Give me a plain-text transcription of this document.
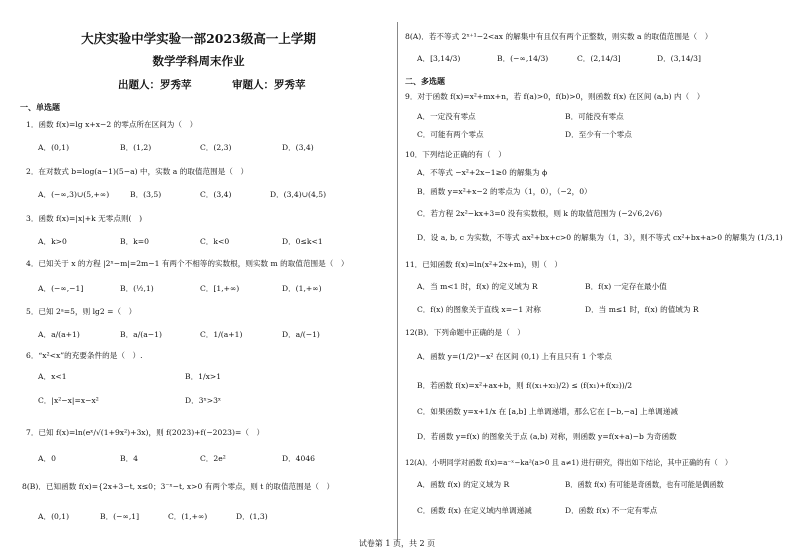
大庆实验中学实验一部2023级高一上学期
数学学科周末作业
出题人：罗秀苹	审题人：罗秀苹
一、单选题
1．函数 f(x)=lg x+x−2 的零点所在区间为（　）
A．(0,1)	B．(1,2)	C．(2,3)	D．(3,4)
2．在对数式 b=log(a−1)(5−a) 中，实数 a 的取值范围是（　）
A．(−∞,3)∪(5,+∞)	B．(3,5)	C．(3,4)	D．(3,4)∪(4,5)
3．函数 f(x)=|x|+k 无零点则(　)
A．k>0	B．k=0	C．k<0	D．0≤k<1
4．已知关于 x 的方程 |2ˣ−m|=2m−1 有两个不相等的实数根，则实数 m 的取值范围是（　）
A．(−∞,−1]	B．(½,1)	C．[1,+∞)	D．(1,+∞)
5．已知 2ᵃ=5，则 lg2 =（　）
A．a/(a+1)	B．a/(a−1)	C．1/(a+1)	D．a/(−1)
6．“x²<x”的充要条件的是（　）.
A．x<1	B．1/x>1
C．|x²−x|=x−x²	D．3ˣ>3ˣ
7．已知 f(x)=ln(eˣ/√(1+9x²)+3x)，则 f(2023)+f(−2023)=（　）
A．0	B．4	C．2e²	D．4046
8(B)．已知函数 f(x)={2x+3−t, x≤0；3⁻ˣ−t, x>0 有两个零点，则 t 的取值范围是（　）
A．(0,1)	B．(−∞,1]	C．(1,+∞)	D．(1,3)
8(A)．若不等式 2ˣ⁺¹−2<ax 的解集中有且仅有两个正整数，则实数 a 的取值范围是（　）
A．[3,14/3)	B．(−∞,14/3)	C．(2,14/3]	D．(3,14/3]
二、多选题
9．对于函数 f(x)=x²+mx+n，若 f(a)>0，f(b)>0，则函数 f(x) 在区间 (a,b) 内（　）
A．一定没有零点	B．可能没有零点
C．可能有两个零点	D．至少有一个零点
10．下列结论正确的有（　）
A．不等式 −x²+2x−1≥0 的解集为 ϕ
B．函数 y=x²+x−2 的零点为（1，0），（−2，0）
C．若方程 2x²−kx+3=0 没有实数根，则 k 的取值范围为 (−2√6,2√6)
D．设 a, b, c 为实数，不等式 ax²+bx+c>0 的解集为（1，3），则不等式 cx²+bx+a>0 的解集为 (1/3,1)
11．已知函数 f(x)=ln(x²+2x+m)，则（　）
A．当 m<1 时，f(x) 的定义域为 R	B．f(x) 一定存在最小值
C．f(x) 的图象关于直线 x=−1 对称	D．当 m≤1 时，f(x) 的值域为 R
12(B)．下列命题中正确的是（　）
A．函数 y=(1/2)ˣ−x² 在区间 (0,1) 上有且只有 1 个零点
B．若函数 f(x)=x²+ax+b，则 f((x₁+x₂)/2) ≤ (f(x₁)+f(x₂))/2
C．如果函数 y=x+1/x 在 [a,b] 上单调递增，那么它在 [−b,−a] 上单调递减
D．若函数 y=f(x) 的图象关于点 (a,b) 对称，则函数 y=f(x+a)−b 为奇函数
12(A)．小明同学对函数 f(x)=a⁻ˣ−ka²(a>0 且 a≠1) 进行研究，得出如下结论，其中正确的有（　）
A．函数 f(x) 的定义域为 R	B．函数 f(x) 有可能是奇函数，也有可能是偶函数
C．函数 f(x) 在定义域内单调递减	D．函数 f(x) 不一定有零点
试卷第 1 页，共 2 页
